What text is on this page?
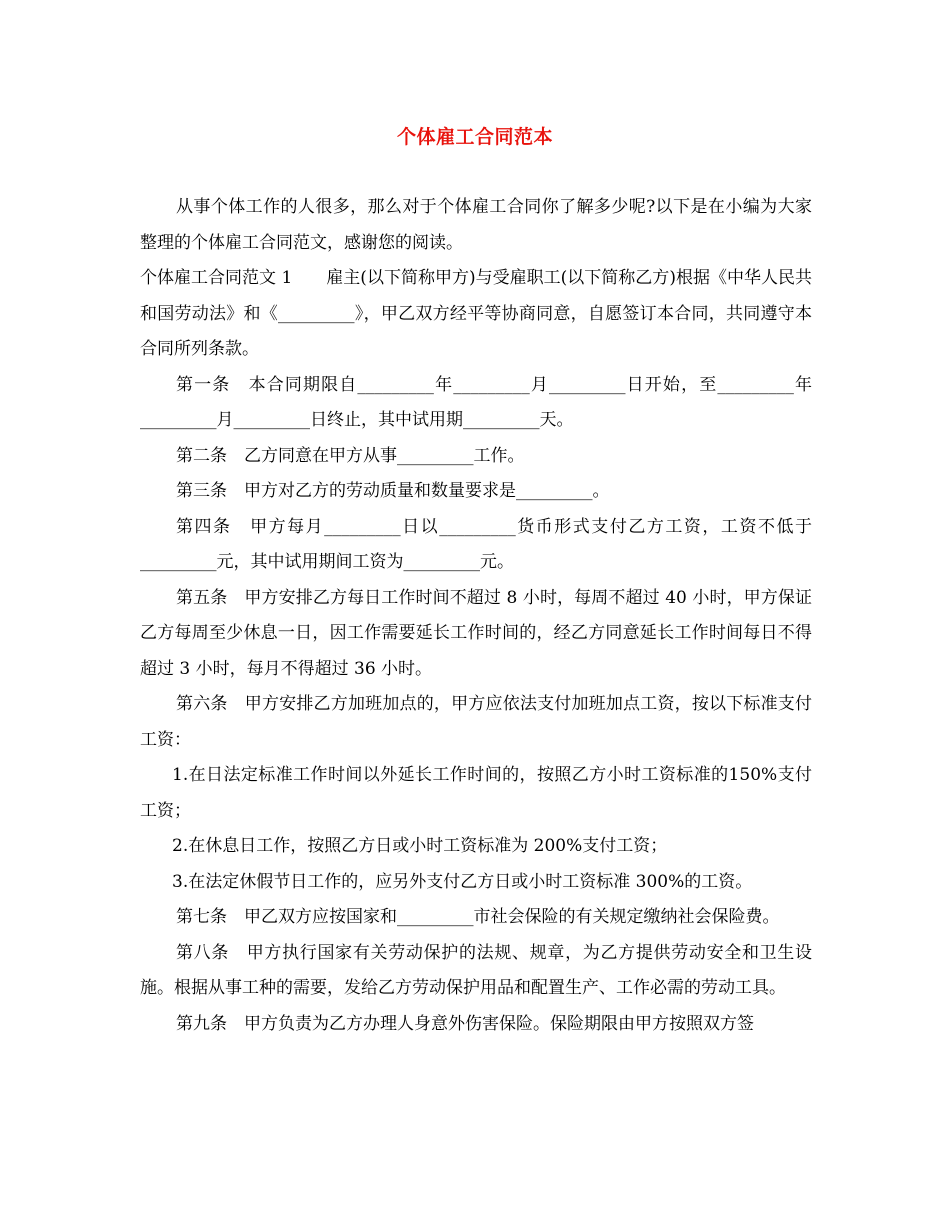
个体雇工合同范本

从事个体工作的人很多，那么对于个体雇工合同你了解多少呢?以下是在小编为大家整理的个体雇工合同范文，感谢您的阅读。

个体雇工合同范文 1　　雇主(以下简称甲方)与受雇职工(以下简称乙方)根据《中华人民共和国劳动法》和《_________》，甲乙双方经平等协商同意，自愿签订本合同，共同遵守本合同所列条款。

第一条　本合同期限自_________年_________月_________日开始，至_________年_________月_________日终止，其中试用期_________天。

第二条　乙方同意在甲方从事_________工作。

第三条　甲方对乙方的劳动质量和数量要求是_________。

第四条　甲方每月_________日以_________货币形式支付乙方工资，工资不低于_________元，其中试用期间工资为_________元。

第五条　甲方安排乙方每日工作时间不超过 8 小时，每周不超过 40 小时，甲方保证乙方每周至少休息一日，因工作需要延长工作时间的，经乙方同意延长工作时间每日不得超过 3 小时，每月不得超过 36 小时。

第六条　甲方安排乙方加班加点的，甲方应依法支付加班加点工资，按以下标准支付工资：

1.在日法定标准工作时间以外延长工作时间的，按照乙方小时工资标准的150%支付工资；

2.在休息日工作，按照乙方日或小时工资标准为 200%支付工资；

3.在法定休假节日工作的，应另外支付乙方日或小时工资标准 300%的工资。

第七条　甲乙双方应按国家和_________市社会保险的有关规定缴纳社会保险费。

第八条　甲方执行国家有关劳动保护的法规、规章，为乙方提供劳动安全和卫生设施。根据从事工种的需要，发给乙方劳动保护用品和配置生产、工作必需的劳动工具。

第九条　甲方负责为乙方办理人身意外伤害保险。保险期限由甲方按照双方签
